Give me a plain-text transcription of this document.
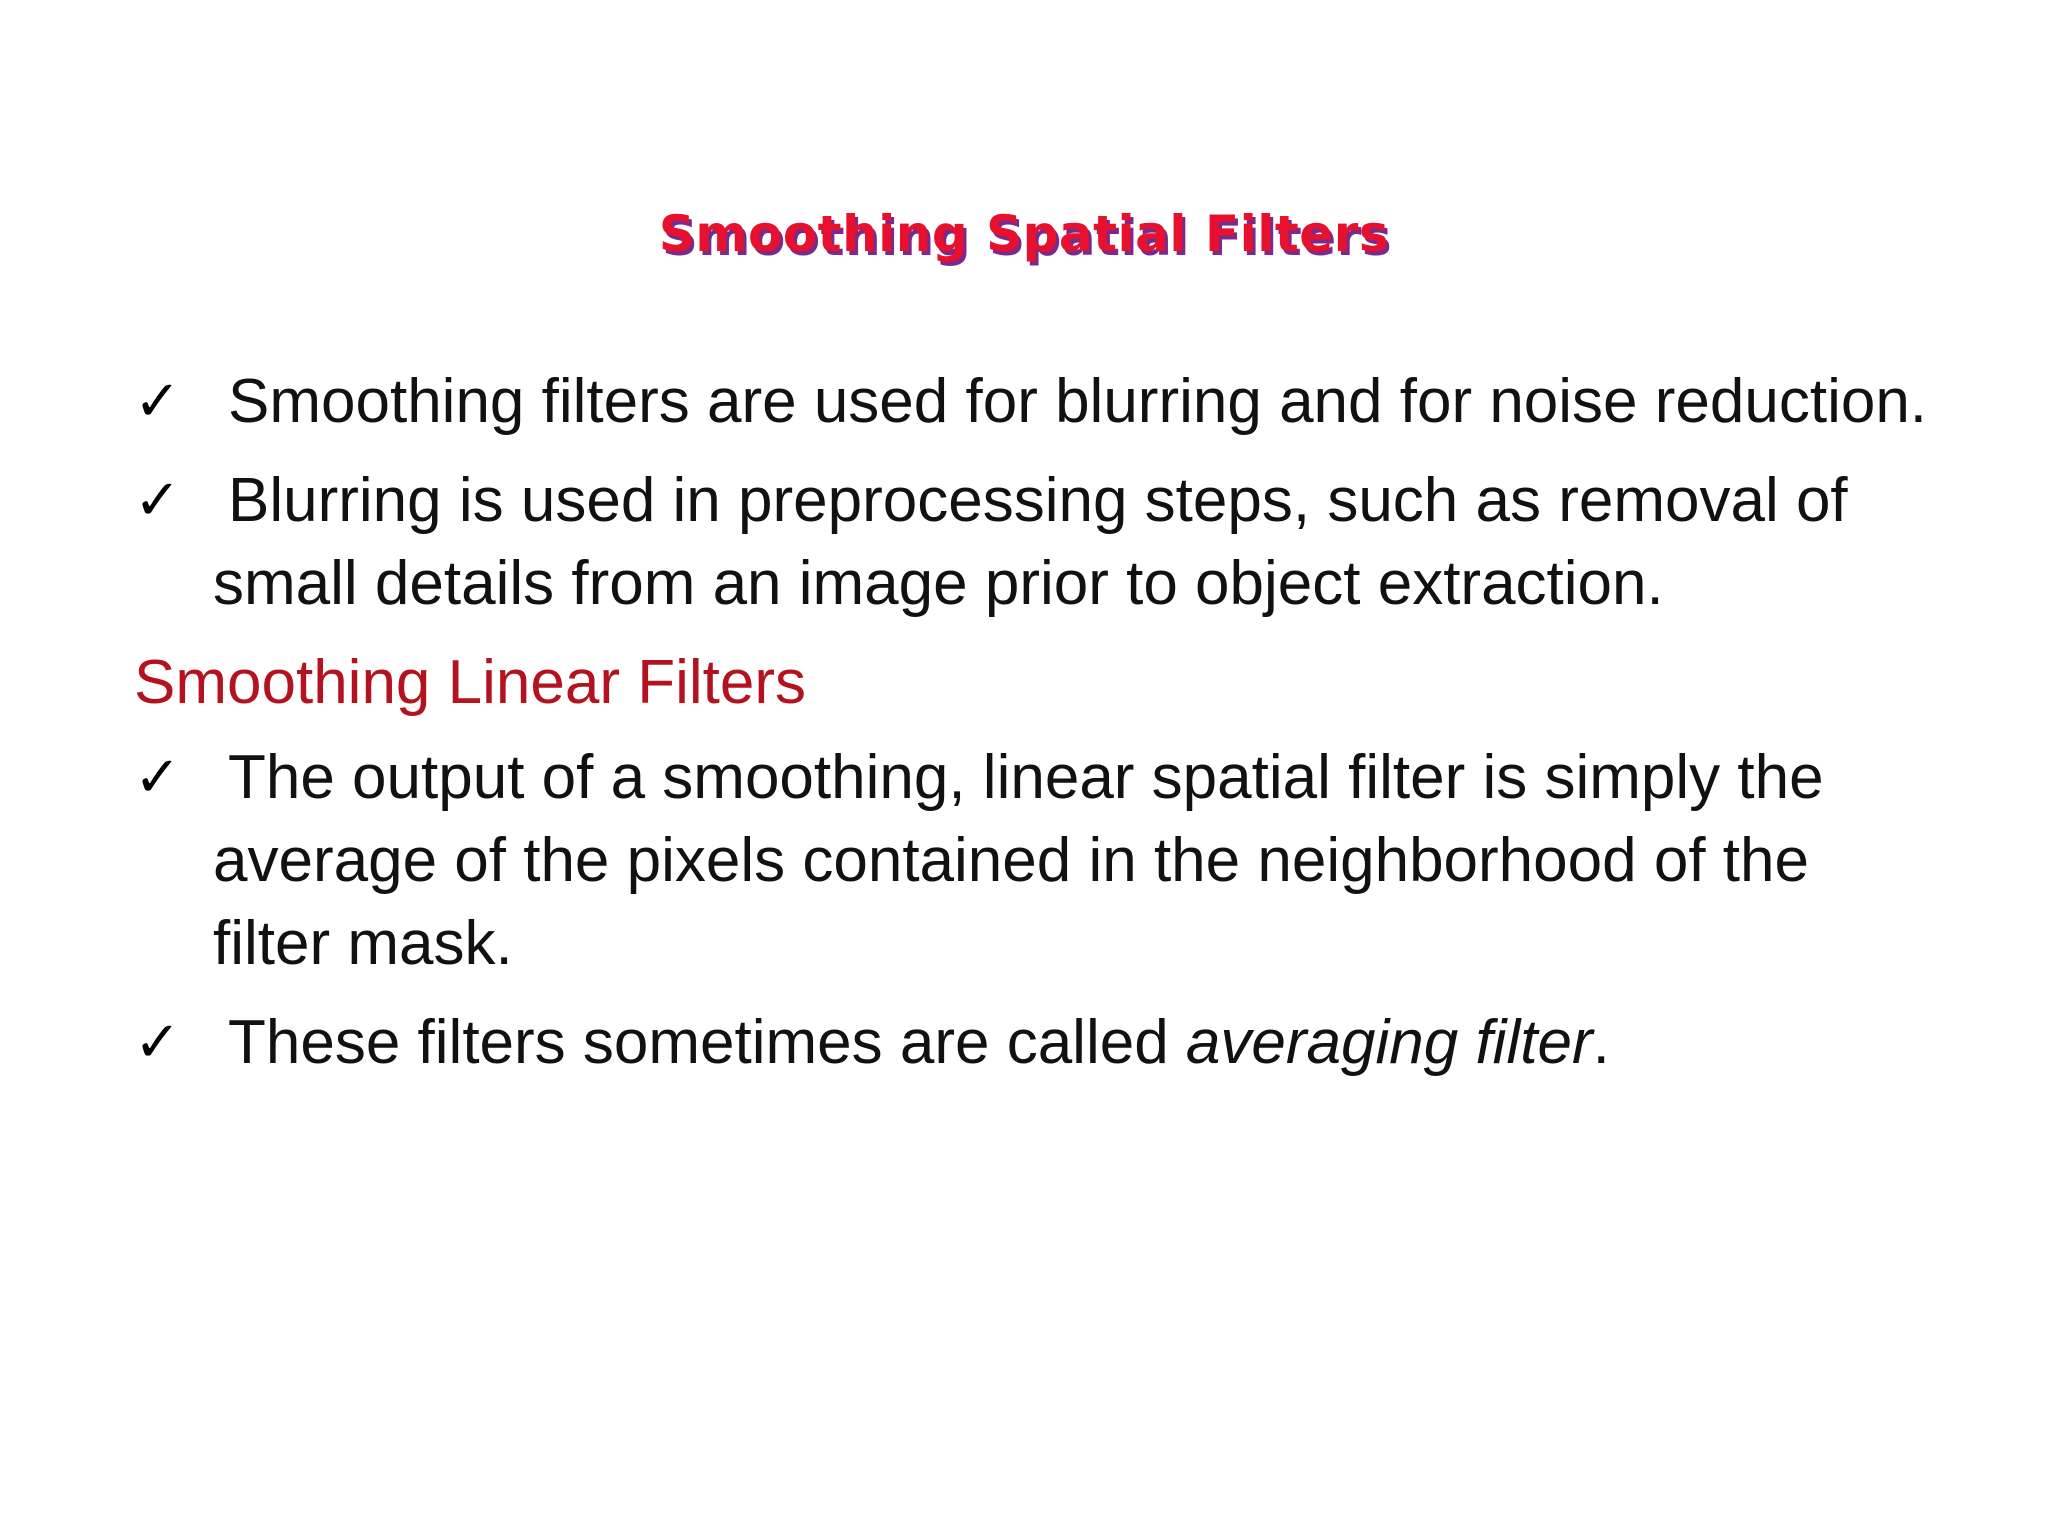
Smoothing Spatial Filters
✓ Smoothing filters are used for blurring and for noise reduction.
✓ Blurring is used in preprocessing steps, such as removal of small details from an image prior to object extraction.
Smoothing Linear Filters
✓ The output of a smoothing, linear spatial filter is simply the average of the pixels contained in the neighborhood of the filter mask.
✓ These filters sometimes are called averaging filter.
